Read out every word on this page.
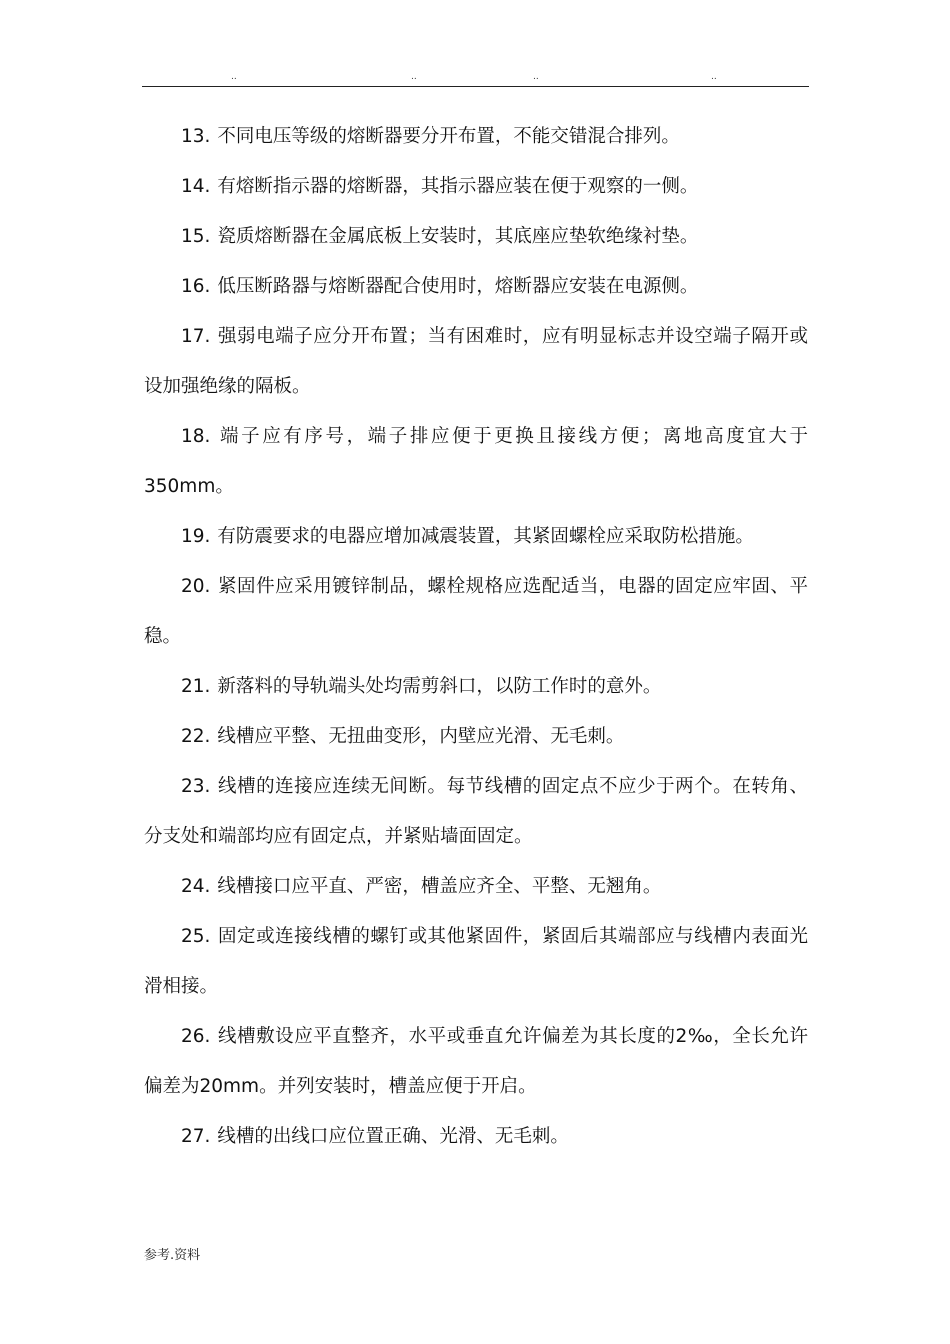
..	..	..	..

13. 不同电压等级的熔断器要分开布置，不能交错混合排列。

14. 有熔断指示器的熔断器，其指示器应装在便于观察的一侧。

15. 瓷质熔断器在金属底板上安装时，其底座应垫软绝缘衬垫。

16. 低压断路器与熔断器配合使用时，熔断器应安装在电源侧。

17. 强弱电端子应分开布置；当有困难时，应有明显标志并设空端子隔开或设加强绝缘的隔板。

18. 端子应有序号，端子排应便于更换且接线方便；离地高度宜大于350mm。

19. 有防震要求的电器应增加减震装置，其紧固螺栓应采取防松措施。

20. 紧固件应采用镀锌制品，螺栓规格应选配适当，电器的固定应牢固、平稳。

21. 新落料的导轨端头处均需剪斜口，以防工作时的意外。

22. 线槽应平整、无扭曲变形，内壁应光滑、无毛刺。

23. 线槽的连接应连续无间断。每节线槽的固定点不应少于两个。在转角、分支处和端部均应有固定点，并紧贴墙面固定。

24. 线槽接口应平直、严密，槽盖应齐全、平整、无翘角。

25. 固定或连接线槽的螺钉或其他紧固件，紧固后其端部应与线槽内表面光滑相接。

26. 线槽敷设应平直整齐，水平或垂直允许偏差为其长度的2‰，全长允许偏差为20mm。并列安装时，槽盖应便于开启。

27. 线槽的出线口应位置正确、光滑、无毛刺。

参考.资料
